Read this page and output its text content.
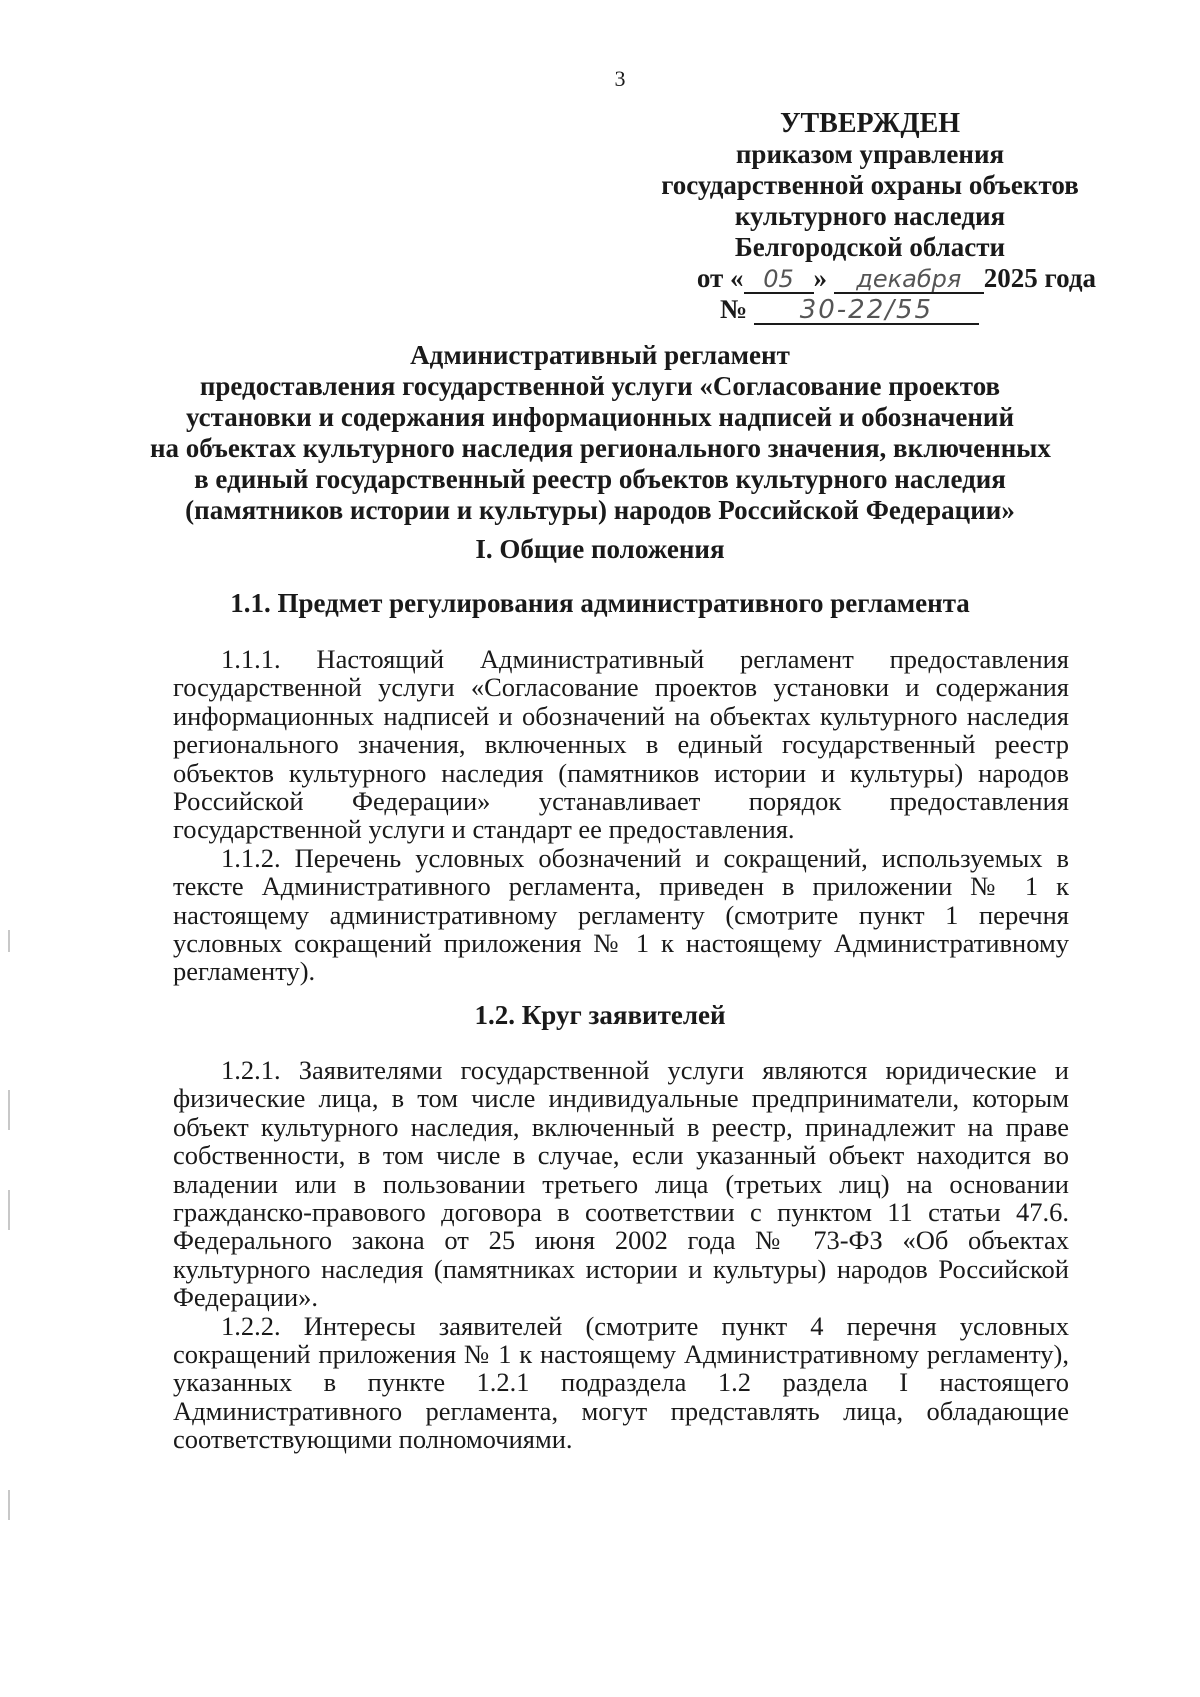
3
УТВЕРЖДЕН
приказом управления
государственной охраны объектов
культурного наследия
Белгородской области
от « 05 » декабря 2025 года
№ 30-22/55
Административный регламент
предоставления государственной услуги «Согласование проектов
установки и содержания информационных надписей и обозначений
на объектах культурного наследия регионального значения, включенных
в единый государственный реестр объектов культурного наследия
(памятников истории и культуры) народов Российской Федерации»
I. Общие положения
1.1. Предмет регулирования административного регламента

1.1.1. Настоящий Административный регламент предоставления государственной услуги «Согласование проектов установки и содержания информационных надписей и обозначений на объектах культурного наследия регионального значения, включенных в единый государственный реестр объектов культурного наследия (памятников истории и культуры) народов Российской Федерации» устанавливает порядок предоставления государственной услуги и стандарт ее предоставления.

1.1.2. Перечень условных обозначений и сокращений, используемых в тексте Административного регламента, приведен в приложении № 1 к настоящему административному регламенту (смотрите пункт 1 перечня условных сокращений приложения № 1 к настоящему Административному регламенту).

1.2. Круг заявителей

1.2.1. Заявителями государственной услуги являются юридические и физические лица, в том числе индивидуальные предприниматели, которым объект культурного наследия, включенный в реестр, принадлежит на праве собственности, в том числе в случае, если указанный объект находится во владении или в пользовании третьего лица (третьих лиц) на основании гражданско-правового договора в соответствии с пунктом 11 статьи 47.6. Федерального закона от 25 июня 2002 года № 73-ФЗ «Об объектах культурного наследия (памятниках истории и культуры) народов Российской Федерации».

1.2.2. Интересы заявителей (смотрите пункт 4 перечня условных сокращений приложения № 1 к настоящему Административному регламенту), указанных в пункте 1.2.1 подраздела 1.2 раздела I настоящего Административного регламента, могут представлять лица, обладающие соответствующими полномочиями.
